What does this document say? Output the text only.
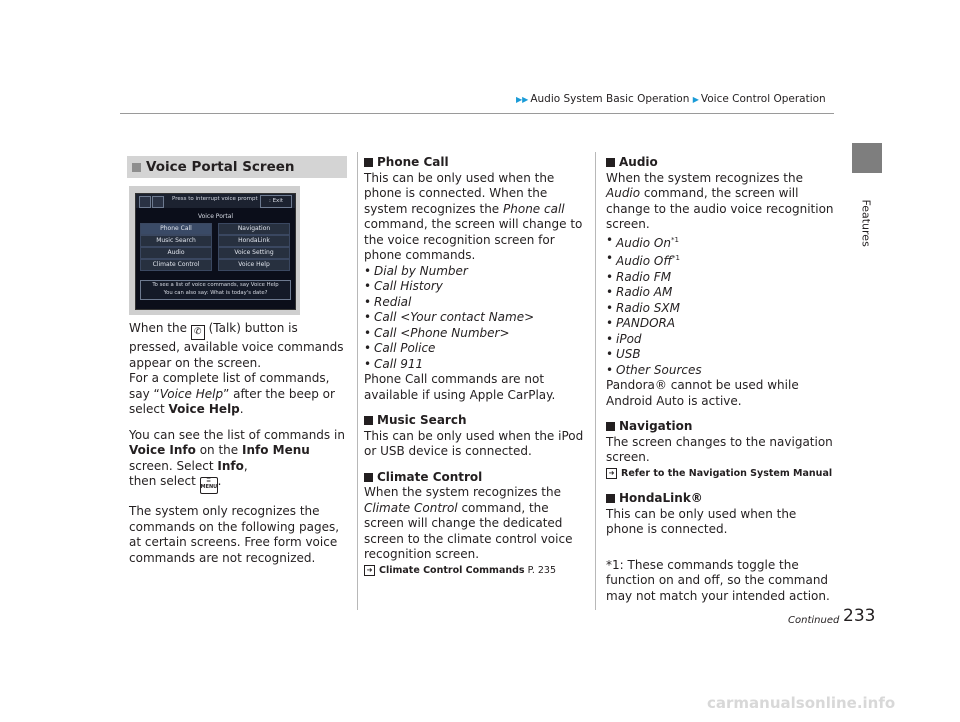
▶▶ Audio System Basic Operation ▶ Voice Control Operation
Features
Voice Portal Screen
Press to interrupt voice prompt	: Exit
Voice Portal
Phone Call	Navigation
Music Search	HondaLink
Audio	Voice Setting
Climate Control	Voice Help
To see a list of voice commands, say Voice Help
You can also say: What is today's date?

When the ✆ (Talk) button is pressed, available voice commands appear on the screen.

For a complete list of commands, say “Voice Help” after the beep or select Voice Help.

You can see the list of commands in Voice Info on the Info Menu screen. Select Info,
then select ☰
MENU.

The system only recognizes the commands on the following pages, at certain screens. Free form voice commands are not recognized.

Phone Call

This can be only used when the phone is connected. When the system recognizes the Phone call command, the screen will change to the voice recognition screen for phone commands.

• Dial by Number
• Call History
• Redial
• Call <Your contact Name>
• Call <Phone Number>
• Call Police
• Call 911

Phone Call commands are not available if using Apple CarPlay.

Music Search

This can be only used when the iPod or USB device is connected.

Climate Control

When the system recognizes the Climate Control command, the screen will change the dedicated screen to the climate control voice recognition screen.

➜ Climate Control Commands P. 235

Audio

When the system recognizes the Audio command, the screen will change to the audio voice recognition screen.

• Audio On$^{*1}$
• Audio Off$^{*1}$
• Radio FM
• Radio AM
• Radio SXM
• PANDORA
• iPod
• USB
• Other Sources

Pandora® cannot be used while Android Auto is active.

Navigation

The screen changes to the navigation screen.

➜ Refer to the Navigation System Manual

HondaLink®

This can be only used when the phone is connected.

*1: These commands toggle the function on and off, so the command may not match your intended action.

Continued 233
carmanualsonline.info
